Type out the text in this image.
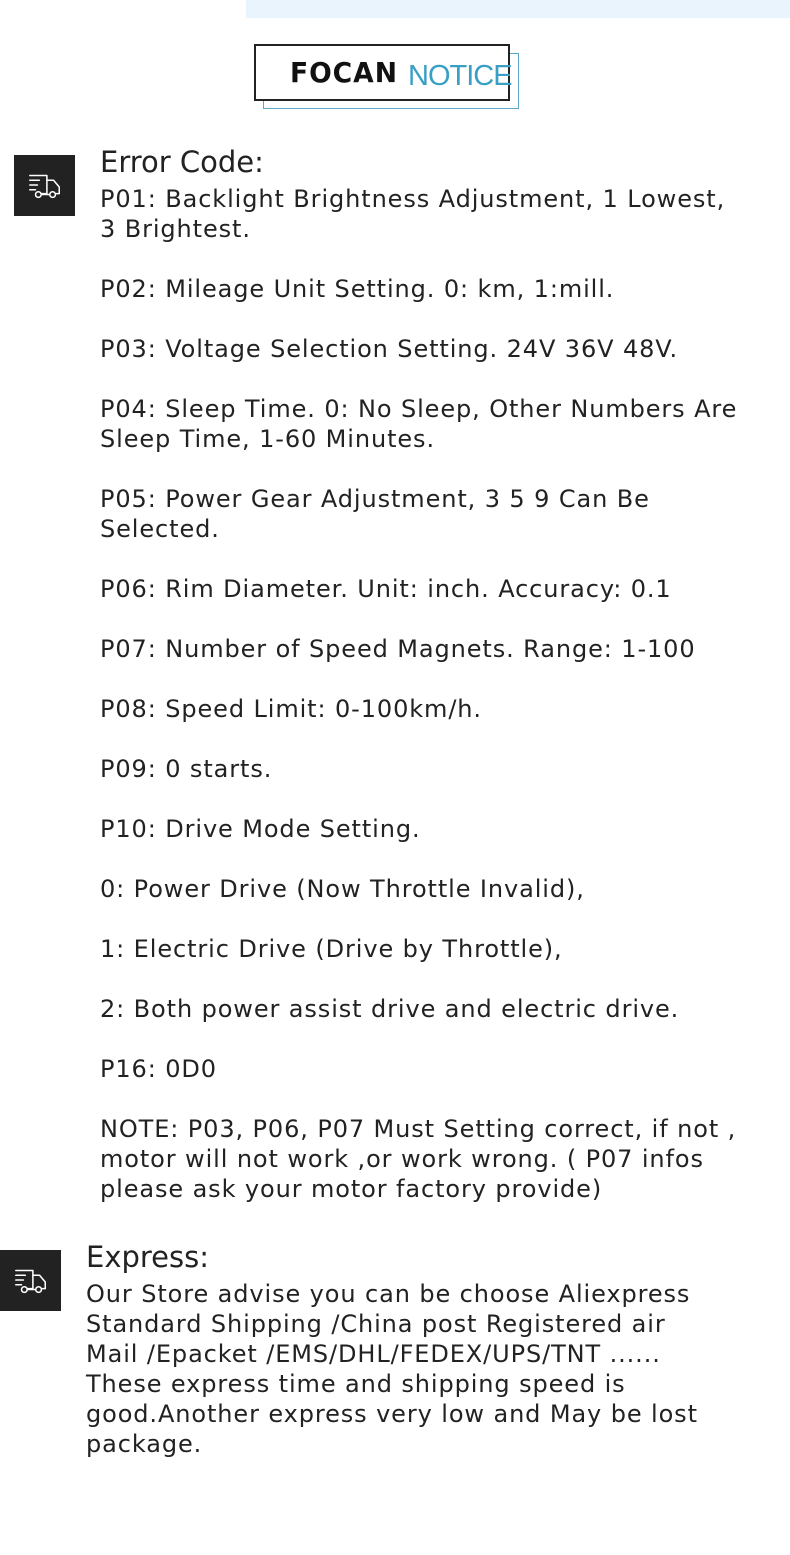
FOCAN NOTICE
Error Code:

P01: Backlight Brightness Adjustment, 1 Lowest, 3 Brightest.

P02: Mileage Unit Setting. 0: km, 1:mill.

P03: Voltage Selection Setting. 24V 36V 48V.

P04: Sleep Time. 0: No Sleep, Other Numbers Are Sleep Time, 1-60 Minutes.

P05: Power Gear Adjustment, 3 5 9 Can Be Selected.

P06: Rim Diameter. Unit: inch. Accuracy: 0.1

P07: Number of Speed Magnets. Range: 1-100

P08: Speed Limit: 0-100km/h.

P09: 0 starts.

P10: Drive Mode Setting.

0: Power Drive (Now Throttle Invalid),

1: Electric Drive (Drive by Throttle),

2: Both power assist drive and electric drive.

P16: 0D0

NOTE: P03, P06, P07 Must Setting correct, if not , motor will not work ,or work wrong. ( P07 infos please ask your motor factory provide)

Express:

Our Store advise you can be choose Aliexpress Standard Shipping /China post Registered air Mail /Epacket /EMS/DHL/FEDEX/UPS/TNT ......

These express time and shipping speed is good.Another express very low and May be lost package.
